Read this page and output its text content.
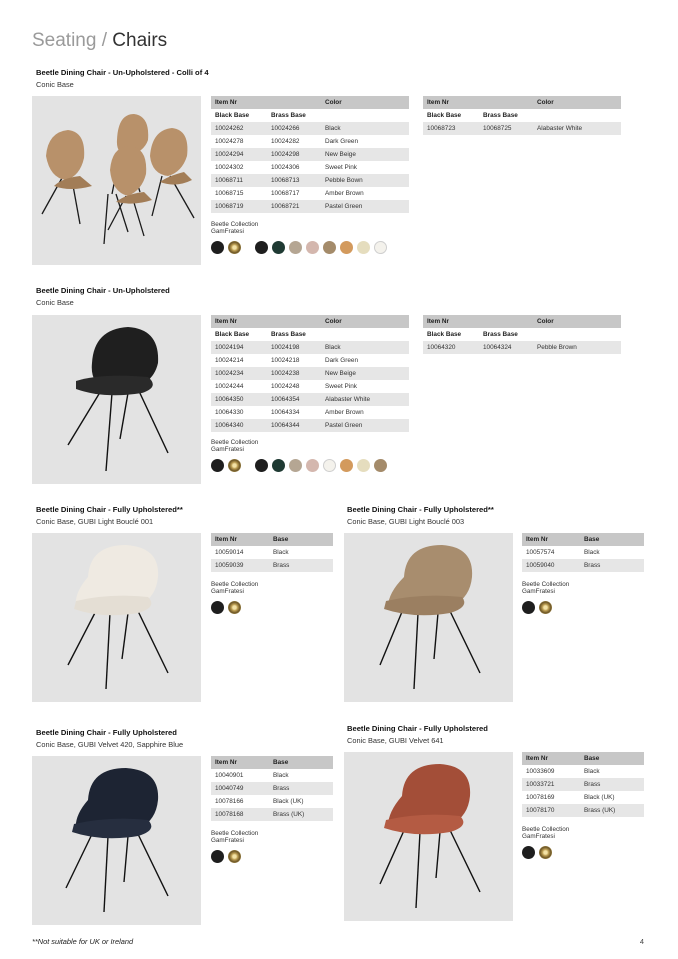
Seating / Chairs
Beetle Dining Chair - Un-Upholstered - Colli of 4
Conic Base
Item Nr		Color
Black Base	Brass Base	
10024262	10024266	Black
10024278	10024282	Dark Green
10024294	10024298	New Beige
10024302	10024306	Sweet Pink
10068711	10068713	Pebble Bown
10068715	10068717	Amber Brown
10068719	10068721	Pastel Green
Item Nr		Color
Black Base	Brass Base	
10068723	10068725	Alabaster White
Beetle Collection
GamFratesi
Beetle Dining Chair - Un-Upholstered
Conic Base
Item Nr		Color
Black Base	Brass Base	
10024194	10024198	Black
10024214	10024218	Dark Green
10024234	10024238	New Beige
10024244	10024248	Sweet Pink
10064350	10064354	Alabaster White
10064330	10064334	Amber Brown
10064340	10064344	Pastel Green
Item Nr		Color
Black Base	Brass Base	
10064320	10064324	Pebble Brown
Beetle Collection
GamFratesi
Beetle Dining Chair - Fully Upholstered**
Conic Base, GUBI Light Bouclé 001
Item Nr	Base
10059014	Black
10059039	Brass
Beetle Collection
GamFratesi
Beetle Dining Chair - Fully Upholstered**
Conic Base, GUBI Light Bouclé 003
Item Nr	Base
10057574	Black
10059040	Brass
Beetle Collection
GamFratesi
Beetle Dining Chair - Fully Upholstered
Conic Base, GUBI Velvet 420, Sapphire Blue
Item Nr	Base
10040901	Black
10040749	Brass
10078166	Black (UK)
10078168	Brass (UK)
Beetle Collection
GamFratesi
Beetle Dining Chair - Fully Upholstered
Conic Base, GUBI Velvet 641
Item Nr	Base
10033609	Black
10033721	Brass
10078169	Black (UK)
10078170	Brass (UK)
Beetle Collection
GamFratesi
**Not suitable for UK or Ireland	4
